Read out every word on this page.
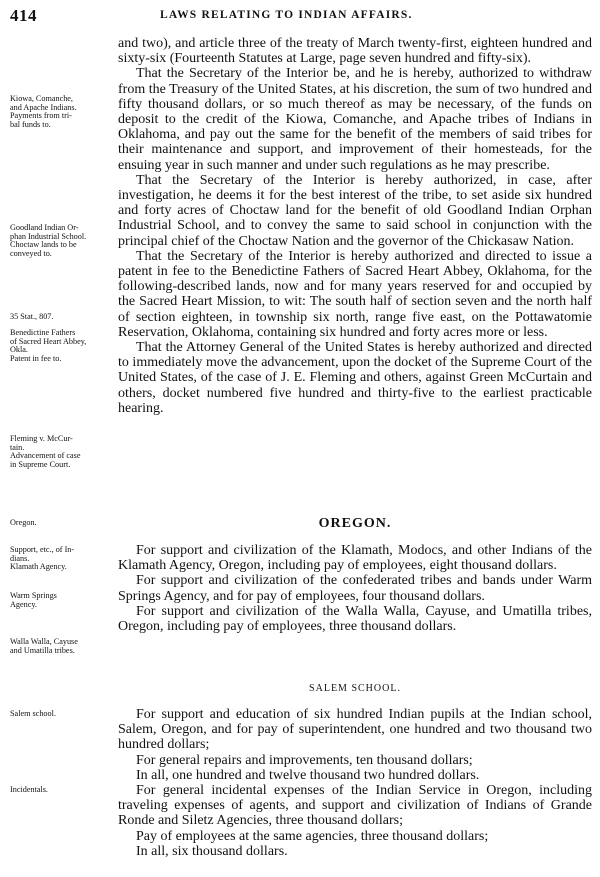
414	LAWS RELATING TO INDIAN AFFAIRS.

and two), and article three of the treaty of March twenty-first, eighteen hundred and sixty-six (Fourteenth Statutes at Large, page seven hundred and fifty-six).

That the Secretary of the Interior be, and he is hereby, authorized to withdraw from the Treasury of the United States, at his discretion, the sum of two hundred and fifty thousand dollars, or so much thereof as may be necessary, of the funds on deposit to the credit of the Kiowa, Comanche, and Apache tribes of Indians in Oklahoma, and pay out the same for the benefit of the members of said tribes for their maintenance and support, and improvement of their homesteads, for the ensuing year in such manner and under such regulations as he may prescribe.

That the Secretary of the Interior is hereby authorized, in case, after investigation, he deems it for the best interest of the tribe, to set aside six hundred and forty acres of Choctaw land for the benefit of old Goodland Indian Orphan Industrial School, and to convey the same to said school in conjunction with the principal chief of the Choctaw Nation and the governor of the Chickasaw Nation.

That the Secretary of the Interior is hereby authorized and directed to issue a patent in fee to the Benedictine Fathers of Sacred Heart Abbey, Oklahoma, for the following-described lands, now and for many years reserved for and occupied by the Sacred Heart Mission, to wit: The south half of section seven and the north half of section eighteen, in township six north, range five east, on the Pottawatomie Reservation, Oklahoma, containing six hundred and forty acres more or less.

That the Attorney General of the United States is hereby authorized and directed to immediately move the advancement, upon the docket of the Supreme Court of the United States, of the case of J. E. Fleming and others, against Green McCurtain and others, docket numbered five hundred and thirty-five to the earliest practicable hearing.

OREGON.

For support and civilization of the Klamath, Modocs, and other Indians of the Klamath Agency, Oregon, including pay of employees, eight thousand dollars.

For support and civilization of the confederated tribes and bands under Warm Springs Agency, and for pay of employees, four thousand dollars.

For support and civilization of the Walla Walla, Cayuse, and Umatilla tribes, Oregon, including pay of employees, three thousand dollars.

SALEM SCHOOL.

For support and education of six hundred Indian pupils at the Indian school, Salem, Oregon, and for pay of superintendent, one hundred and two thousand two hundred dollars;

For general repairs and improvements, ten thousand dollars;

In all, one hundred and twelve thousand two hundred dollars.

For general incidental expenses of the Indian Service in Oregon, including traveling expenses of agents, and support and civilization of Indians of Grande Ronde and Siletz Agencies, three thousand dollars;

Pay of employees at the same agencies, three thousand dollars;

In all, six thousand dollars.

Kiowa, Comanche,
and Apache Indians.
Payments from tri-
bal funds to.
Goodland Indian Or-
phan Industrial School.
Choctaw lands to be
conveyed to.
35 Stat., 807.
Benedictine Fathers
of Sacred Heart Abbey,
Okla.
Patent in fee to.
Fleming v. McCur-
tain.
Advancement of case
in Supreme Court.
Oregon.
Support, etc., of In-
dians.
Klamath Agency.
Warm Springs
Agency.
Walla Walla, Cayuse
and Umatilla tribes.
Salem school.
Incidentals.
